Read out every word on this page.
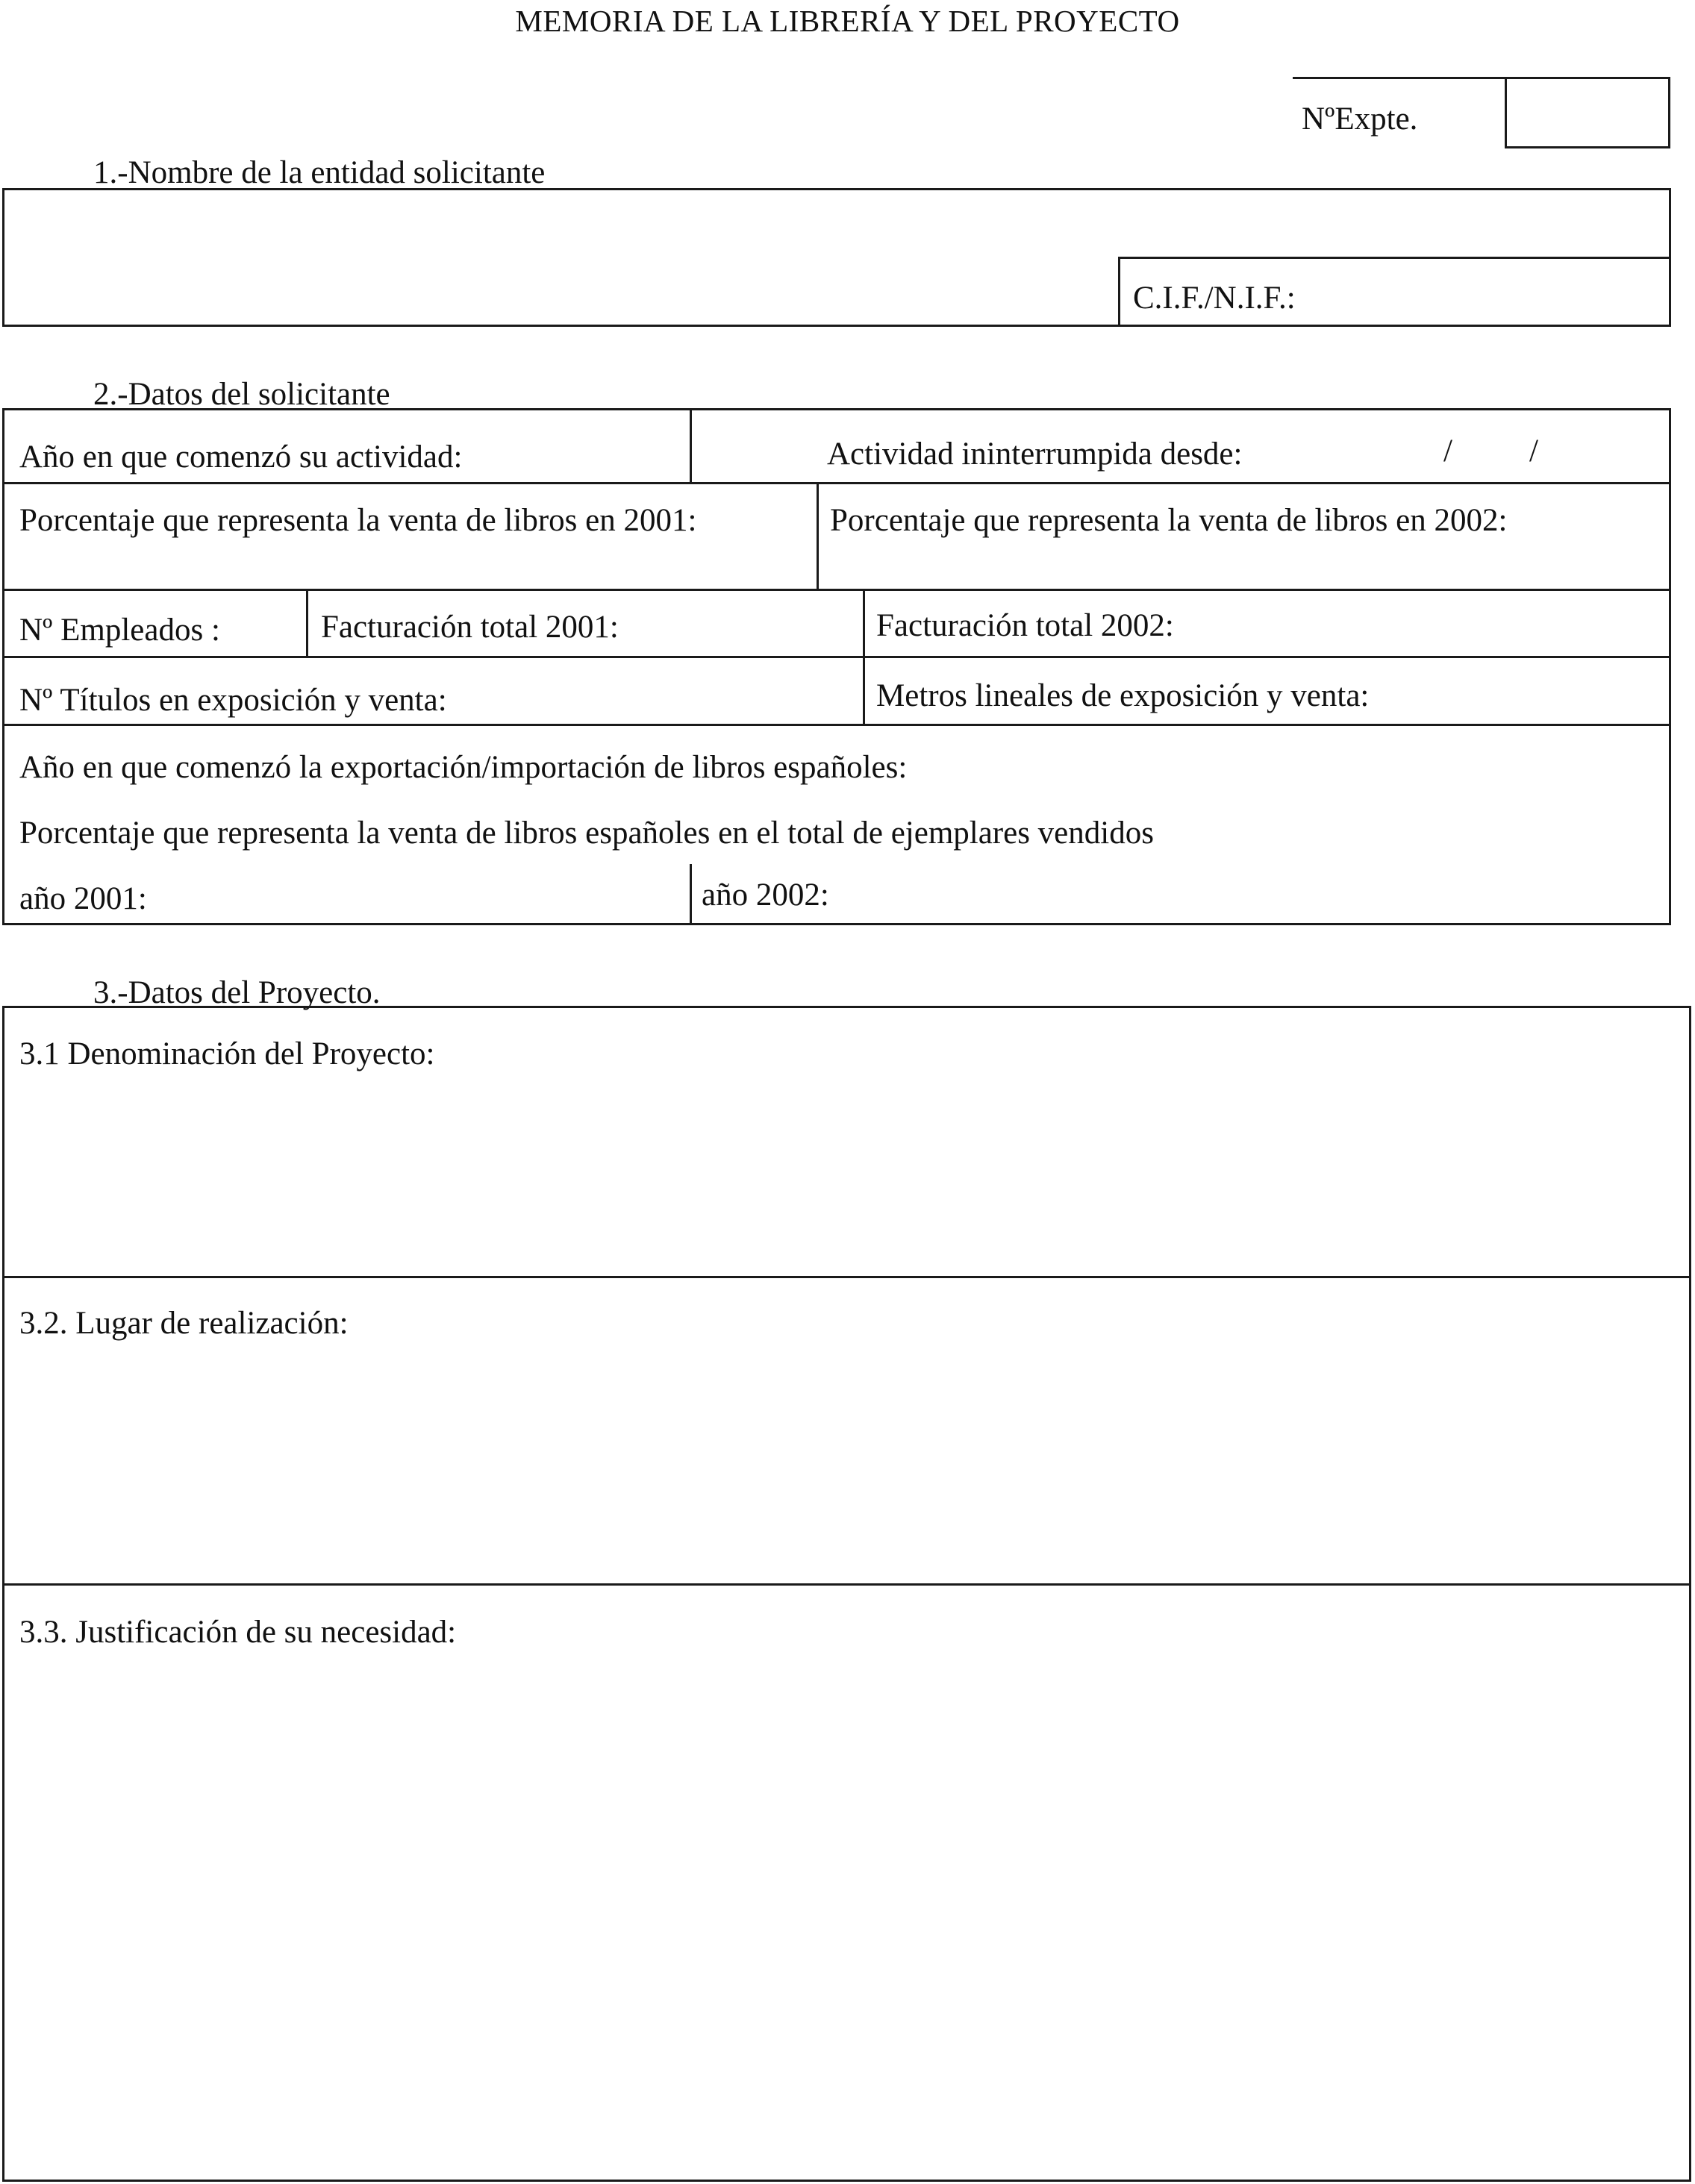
MEMORIA DE LA LIBRERÍA Y DEL PROYECTO
NºExpte.
1.-Nombre de la entidad solicitante
C.I.F./N.I.F.:
2.-Datos del solicitante
Año en que comenzó su actividad:	Actividad ininterrumpida desde:	/ /
Porcentaje que representa la venta de libros en 2001:	Porcentaje que representa la venta de libros en 2002:
Nº Empleados :	Facturación total 2001:	Facturación total 2002:
Nº Títulos en exposición y venta:	Metros lineales de exposición y venta:
Año en que comenzó la exportación/importación de libros españoles:
Porcentaje que representa la venta de libros españoles en el total de ejemplares vendidos
año 2001:	año 2002:
3.-Datos del Proyecto.
3.1 Denominación del Proyecto:
3.2. Lugar de realización:
3.3. Justificación de su necesidad:
